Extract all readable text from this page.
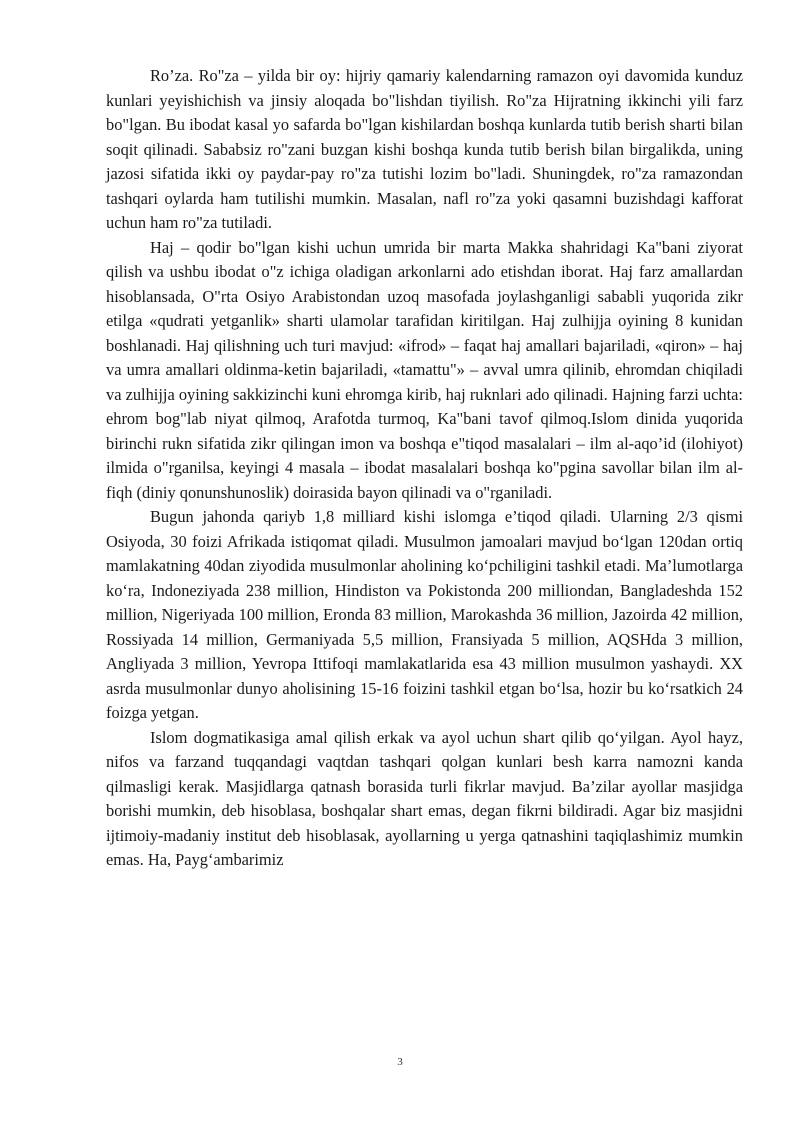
Ro’za. Ro"za – yilda bir oy: hijriy qamariy kalendarning ramazon oyi davomida kunduz kunlari yeyishichish va jinsiy aloqada bo"lishdan tiyilish. Ro"za Hijratning ikkinchi yili farz bo"lgan. Bu ibodat kasal yo safarda bo"lgan kishilardan boshqa kunlarda tutib berish sharti bilan soqit qilinadi. Sababsiz ro"zani buzgan kishi boshqa kunda tutib berish bilan birgalikda, uning jazosi sifatida ikki oy paydar-pay ro"za tutishi lozim bo"ladi. Shuningdek, ro"za ramazondan tashqari oylarda ham tutilishi mumkin. Masalan, nafl ro"za yoki qasamni buzishdagi kafforat uchun ham ro"za tutiladi.

Haj – qodir bo"lgan kishi uchun umrida bir marta Makka shahridagi Ka"bani ziyorat qilish va ushbu ibodat o"z ichiga oladigan arkonlarni ado etishdan iborat. Haj farz amallardan hisoblansada, O"rta Osiyo Arabistondan uzoq masofada joylashganligi sababli yuqorida zikr etilga «qudrati yetganlik» sharti ulamolar tarafidan kiritilgan. Haj zulhijja oyining 8 kunidan boshlanadi. Haj qilishning uch turi mavjud: «ifrod» – faqat haj amallari bajariladi, «qiron» – haj va umra amallari oldinma-ketin bajariladi, «tamattu"» – avval umra qilinib, ehromdan chiqiladi va zulhijja oyining sakkizinchi kuni ehromga kirib, haj ruknlari ado qilinadi. Hajning farzi uchta: ehrom bog"lab niyat qilmoq, Arafotda turmoq, Ka"bani tavof qilmoq.Islom dinida yuqorida birinchi rukn sifatida zikr qilingan imon va boshqa e"tiqod masalalari – ilm al-aqo’id (ilohiyot) ilmida o"rganilsa, keyingi 4 masala – ibodat masalalari boshqa ko"pgina savollar bilan ilm al-fiqh (diniy qonunshunoslik) doirasida bayon qilinadi va o"rganiladi.

Bugun jahonda qariyb 1,8 milliard kishi islomga e’tiqod qiladi. Ularning 2/3 qismi Osiyoda, 30 foizi Afrikada istiqomat qiladi. Musulmon jamoalari mavjud bo‘lgan 120dan ortiq mamlakatning 40dan ziyodida musulmonlar aholining ko‘pchiligini tashkil etadi. Ma’lumotlarga ko‘ra, Indoneziyada 238 million, Hindiston va Pokistonda 200 milliondan, Bangladeshda 152 million, Nigeriyada 100 million, Eronda 83 million, Marokashda 36 million, Jazoirda 42 million, Rossiyada 14 million, Germaniyada 5,5 million, Fransiyada 5 million, AQSHda 3 million, Angliyada 3 million, Yevropa Ittifoqi mamlakatlarida esa 43 million musulmon yashaydi. XX asrda musulmonlar dunyo aholisining 15-16 foizini tashkil etgan bo‘lsa, hozir bu ko‘rsatkich 24 foizga yetgan.

Islom dogmatikasiga amal qilish erkak va ayol uchun shart qilib qo‘yilgan. Ayol hayz, nifos va farzand tuqqandagi vaqtdan tashqari qolgan kunlari besh karra namozni kanda qilmasligi kerak. Masjidlarga qatnash borasida turli fikrlar mavjud. Ba’zilar ayollar masjidga borishi mumkin, deb hisoblasa, boshqalar shart emas, degan fikrni bildiradi. Agar biz masjidni ijtimoiy-madaniy institut deb hisoblasak, ayollarning u yerga qatnashini taqiqlashimiz mumkin emas. Ha, Payg‘ambarimiz

3
